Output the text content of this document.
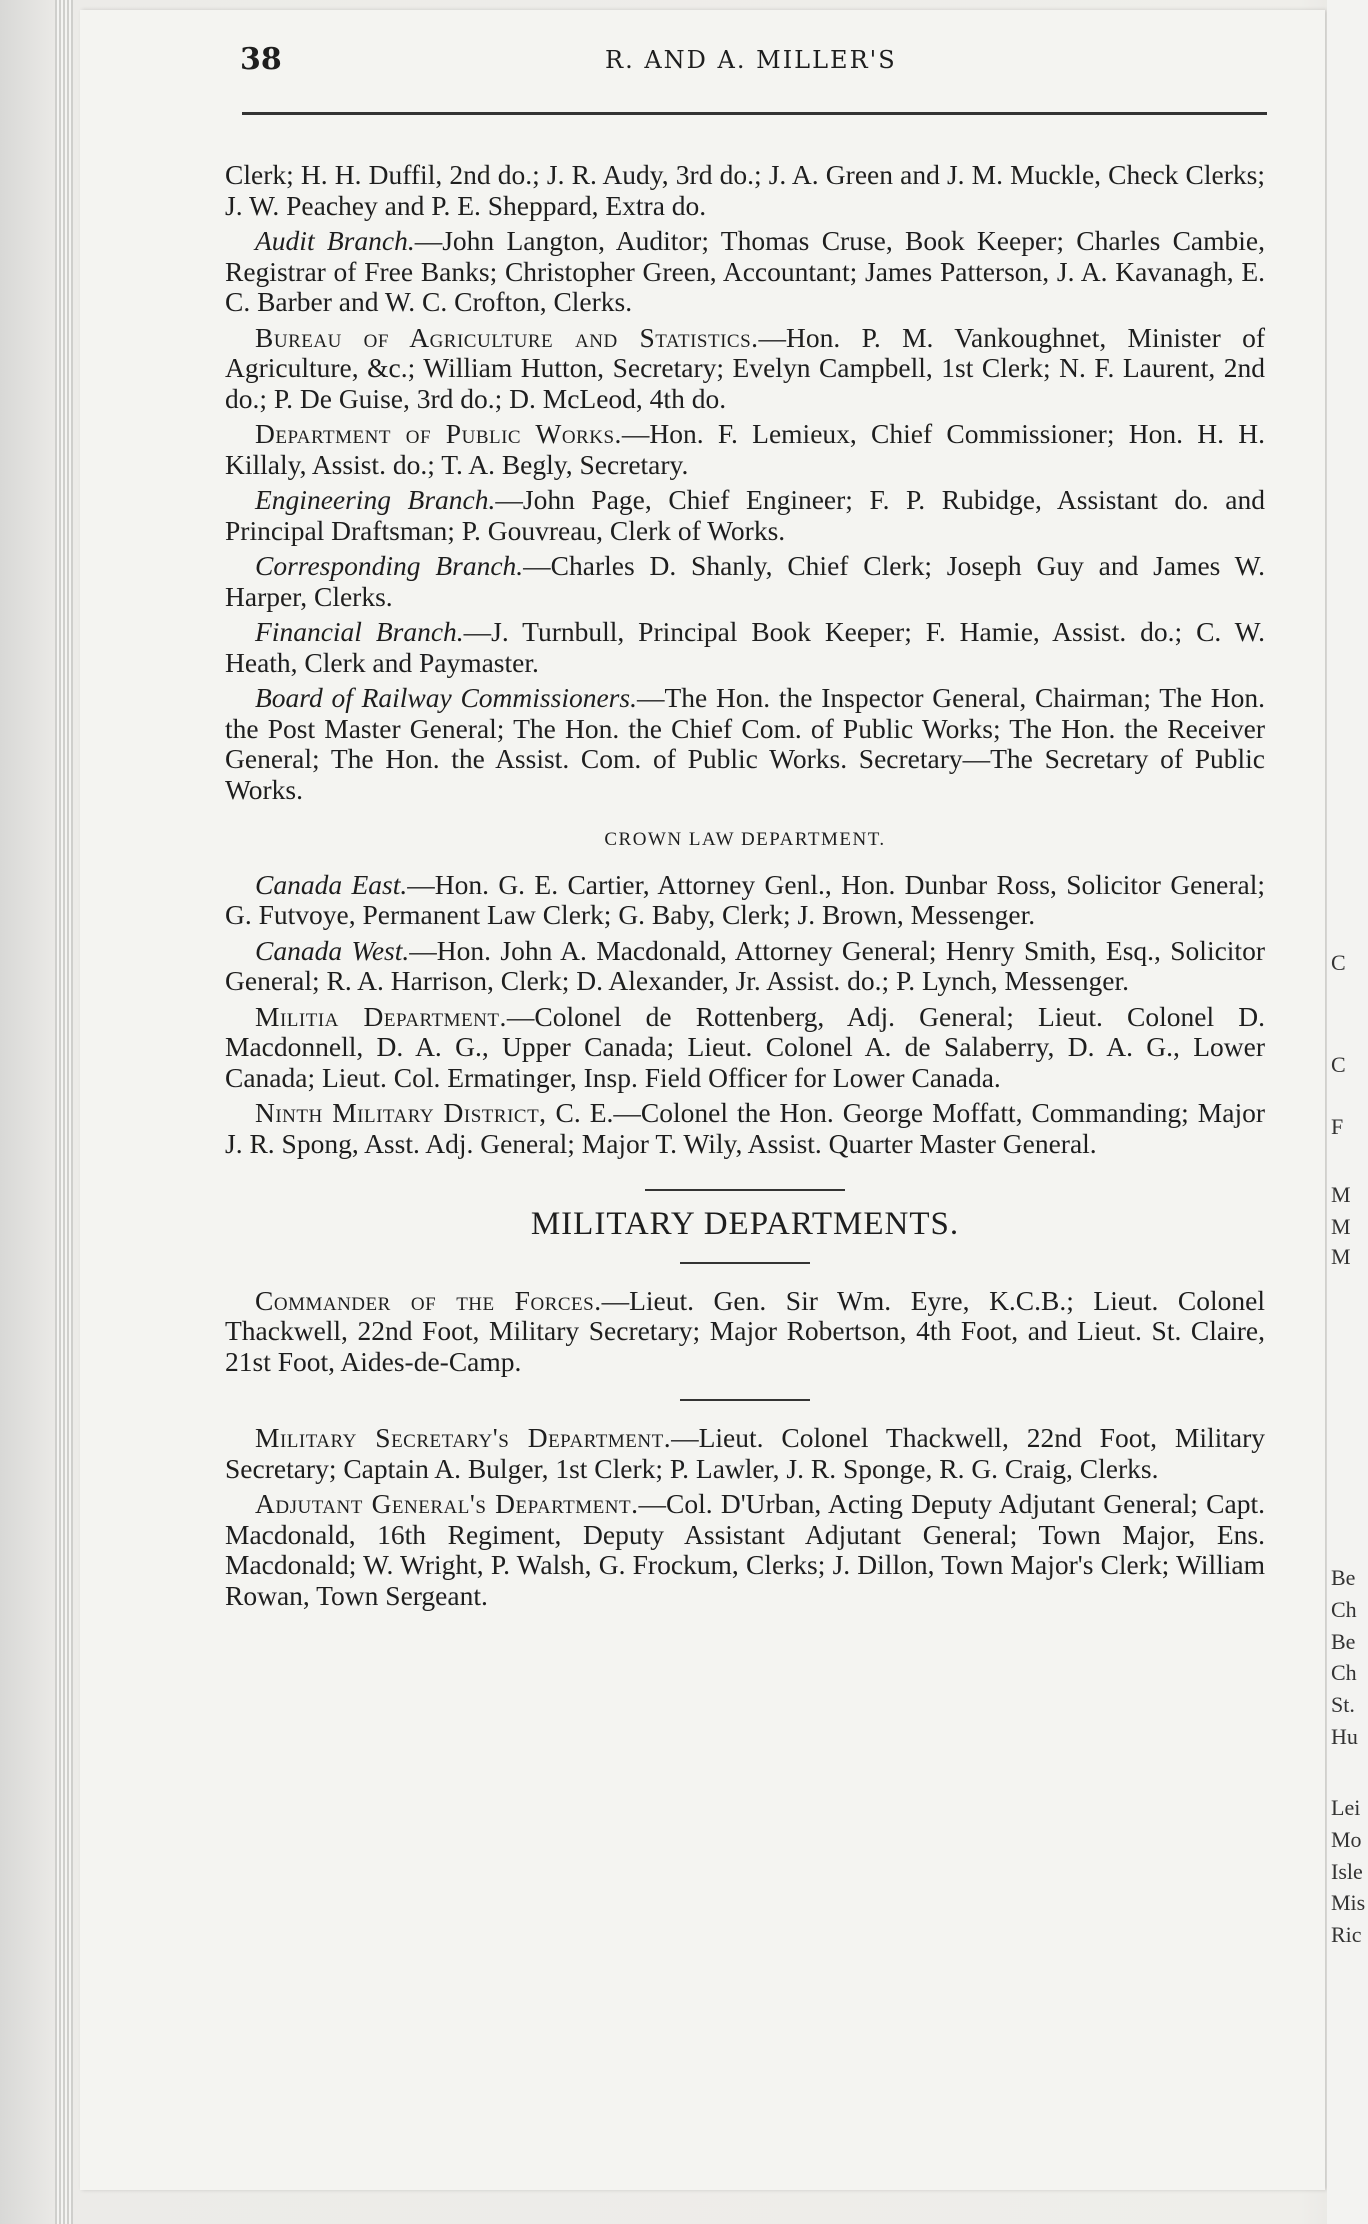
38	R. AND A. MILLER'S

Clerk; H. H. Duffil, 2nd do.; J. R. Audy, 3rd do.; J. A. Green and J. M. Muckle, Check Clerks; J. W. Peachey and P. E. Sheppard, Extra do.

Audit Branch.—John Langton, Auditor; Thomas Cruse, Book Keeper; Charles Cambie, Registrar of Free Banks; Christopher Green, Accountant; James Patterson, J. A. Kavanagh, E. C. Barber and W. C. Crofton, Clerks.

Bureau of Agriculture and Statistics.—Hon. P. M. Vankoughnet, Minister of Agriculture, &c.; William Hutton, Secretary; Evelyn Campbell, 1st Clerk; N. F. Laurent, 2nd do.; P. De Guise, 3rd do.; D. McLeod, 4th do.

Department of Public Works.—Hon. F. Lemieux, Chief Commissioner; Hon. H. H. Killaly, Assist. do.; T. A. Begly, Secretary.

Engineering Branch.—John Page, Chief Engineer; F. P. Rubidge, Assistant do. and Principal Draftsman; P. Gouvreau, Clerk of Works.

Corresponding Branch.—Charles D. Shanly, Chief Clerk; Joseph Guy and James W. Harper, Clerks.

Financial Branch.—J. Turnbull, Principal Book Keeper; F. Hamie, Assist. do.; C. W. Heath, Clerk and Paymaster.

Board of Railway Commissioners.—The Hon. the Inspector General, Chairman; The Hon. the Post Master General; The Hon. the Chief Com. of Public Works; The Hon. the Receiver General; The Hon. the Assist. Com. of Public Works. Secretary—The Secretary of Public Works.

CROWN LAW DEPARTMENT.

Canada East.—Hon. G. E. Cartier, Attorney Genl., Hon. Dunbar Ross, Solicitor General; G. Futvoye, Permanent Law Clerk; G. Baby, Clerk; J. Brown, Messenger.

Canada West.—Hon. John A. Macdonald, Attorney General; Henry Smith, Esq., Solicitor General; R. A. Harrison, Clerk; D. Alexander, Jr. Assist. do.; P. Lynch, Messenger.

Militia Department.—Colonel de Rottenberg, Adj. General; Lieut. Colonel D. Macdonnell, D. A. G., Upper Canada; Lieut. Colonel A. de Salaberry, D. A. G., Lower Canada; Lieut. Col. Ermatinger, Insp. Field Officer for Lower Canada.

Ninth Military District, C. E.—Colonel the Hon. George Moffatt, Commanding; Major J. R. Spong, Asst. Adj. General; Major T. Wily, Assist. Quarter Master General.

MILITARY DEPARTMENTS.

Commander of the Forces.—Lieut. Gen. Sir Wm. Eyre, K.C.B.; Lieut. Colonel Thackwell, 22nd Foot, Military Secretary; Major Robertson, 4th Foot, and Lieut. St. Claire, 21st Foot, Aides-de-Camp.

Military Secretary's Department.—Lieut. Colonel Thackwell, 22nd Foot, Military Secretary; Captain A. Bulger, 1st Clerk; P. Lawler, J. R. Sponge, R. G. Craig, Clerks.

Adjutant General's Department.—Col. D'Urban, Acting Deputy Adjutant General; Capt. Macdonald, 16th Regiment, Deputy Assistant Adjutant General; Town Major, Ens. Macdonald; W. Wright, P. Walsh, G. Frockum, Clerks; J. Dillon, Town Major's Clerk; William Rowan, Town Sergeant.

C
C
F
M
M
M
Be
Ch
Be
Ch
St.
Hu
Lei
Mo
Isle
Mis
Ric
